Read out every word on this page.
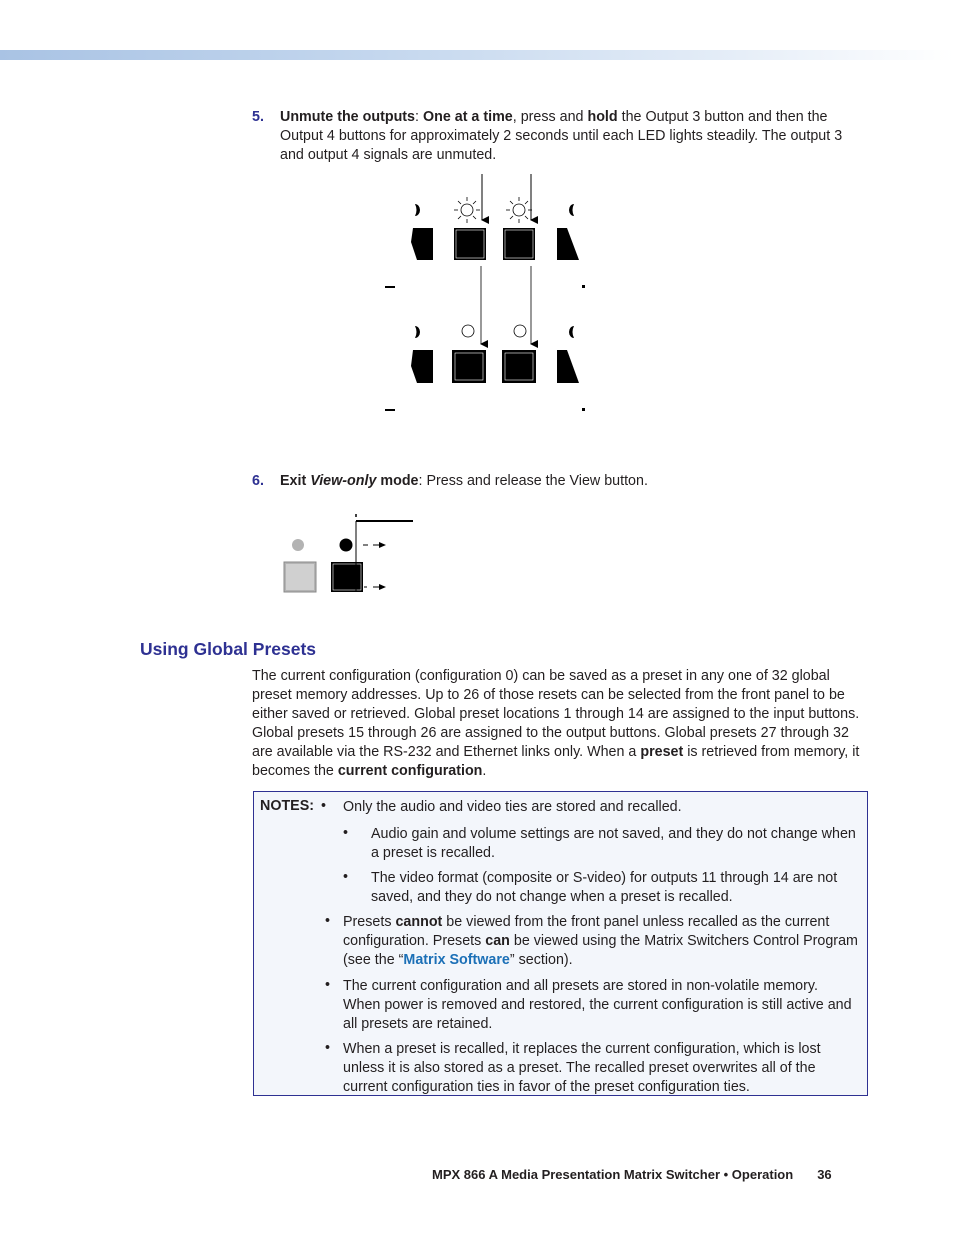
5. Unmute the outputs: One at a time, press and hold the Output 3 button and then the Output 4 buttons for approximately 2 seconds until each LED lights steadily. The output 3 and output 4 signals are unmuted.
6. Exit View-only mode: Press and release the View button.
Using Global Presets

The current configuration (configuration 0) can be saved as a preset in any one of 32 global preset memory addresses. Up to 26 of those resets can be selected from the front panel to be either saved or retrieved. Global preset locations 1 through 14 are assigned to the input buttons. Global presets 15 through 26 are assigned to the output buttons. Global presets 27 through 32 are available via the RS-232 and Ethernet links only. When a preset is retrieved from memory, it becomes the current configuration.

NOTES: • Only the audio and video ties are stored and recalled.
• Audio gain and volume settings are not saved, and they do not change when a preset is recalled.
• The video format (composite or S-video) for outputs 11 through 14 are not saved, and they do not change when a preset is recalled.
• Presets cannot be viewed from the front panel unless recalled as the current configuration. Presets can be viewed using the Matrix Switchers Control Program (see the “Matrix Software” section).
• The current configuration and all presets are stored in non-volatile memory. When power is removed and restored, the current configuration is still active and all presets are retained.
• When a preset is recalled, it replaces the current configuration, which is lost unless it is also stored as a preset. The recalled preset overwrites all of the current configuration ties in favor of the preset configuration ties.
MPX 866 A Media Presentation Matrix Switcher • Operation 36
